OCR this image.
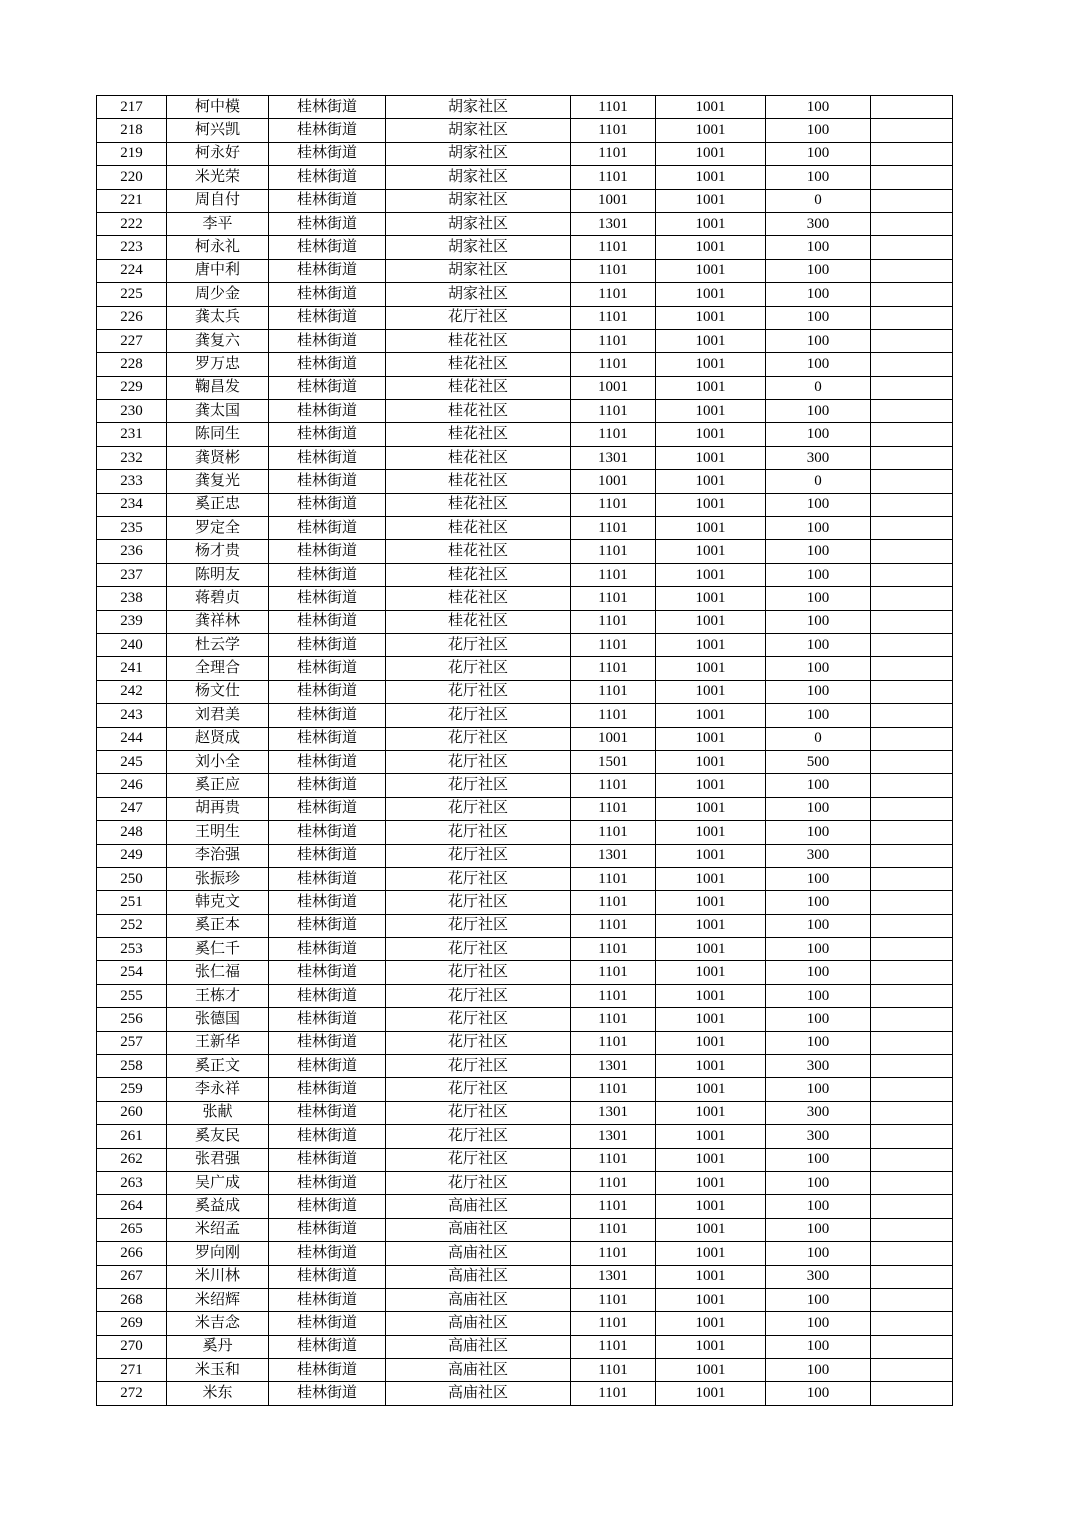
217	柯中模	桂林街道	胡家社区	1101	1001	100	
218	柯兴凯	桂林街道	胡家社区	1101	1001	100	
219	柯永好	桂林街道	胡家社区	1101	1001	100	
220	米光荣	桂林街道	胡家社区	1101	1001	100	
221	周自付	桂林街道	胡家社区	1001	1001	0	
222	李平	桂林街道	胡家社区	1301	1001	300	
223	柯永礼	桂林街道	胡家社区	1101	1001	100	
224	唐中利	桂林街道	胡家社区	1101	1001	100	
225	周少金	桂林街道	胡家社区	1101	1001	100	
226	龚太兵	桂林街道	花厅社区	1101	1001	100	
227	龚复六	桂林街道	桂花社区	1101	1001	100	
228	罗万忠	桂林街道	桂花社区	1101	1001	100	
229	鞠昌发	桂林街道	桂花社区	1001	1001	0	
230	龚太国	桂林街道	桂花社区	1101	1001	100	
231	陈同生	桂林街道	桂花社区	1101	1001	100	
232	龚贤彬	桂林街道	桂花社区	1301	1001	300	
233	龚复光	桂林街道	桂花社区	1001	1001	0	
234	奚正忠	桂林街道	桂花社区	1101	1001	100	
235	罗定全	桂林街道	桂花社区	1101	1001	100	
236	杨才贵	桂林街道	桂花社区	1101	1001	100	
237	陈明友	桂林街道	桂花社区	1101	1001	100	
238	蒋碧贞	桂林街道	桂花社区	1101	1001	100	
239	龚祥林	桂林街道	桂花社区	1101	1001	100	
240	杜云学	桂林街道	花厅社区	1101	1001	100	
241	全理合	桂林街道	花厅社区	1101	1001	100	
242	杨文仕	桂林街道	花厅社区	1101	1001	100	
243	刘君美	桂林街道	花厅社区	1101	1001	100	
244	赵贤成	桂林街道	花厅社区	1001	1001	0	
245	刘小全	桂林街道	花厅社区	1501	1001	500	
246	奚正应	桂林街道	花厅社区	1101	1001	100	
247	胡再贵	桂林街道	花厅社区	1101	1001	100	
248	王明生	桂林街道	花厅社区	1101	1001	100	
249	李治强	桂林街道	花厅社区	1301	1001	300	
250	张振珍	桂林街道	花厅社区	1101	1001	100	
251	韩克文	桂林街道	花厅社区	1101	1001	100	
252	奚正本	桂林街道	花厅社区	1101	1001	100	
253	奚仁千	桂林街道	花厅社区	1101	1001	100	
254	张仁福	桂林街道	花厅社区	1101	1001	100	
255	王栋才	桂林街道	花厅社区	1101	1001	100	
256	张德国	桂林街道	花厅社区	1101	1001	100	
257	王新华	桂林街道	花厅社区	1101	1001	100	
258	奚正文	桂林街道	花厅社区	1301	1001	300	
259	李永祥	桂林街道	花厅社区	1101	1001	100	
260	张献	桂林街道	花厅社区	1301	1001	300	
261	奚友民	桂林街道	花厅社区	1301	1001	300	
262	张君强	桂林街道	花厅社区	1101	1001	100	
263	吴广成	桂林街道	花厅社区	1101	1001	100	
264	奚益成	桂林街道	高庙社区	1101	1001	100	
265	米绍孟	桂林街道	高庙社区	1101	1001	100	
266	罗向刚	桂林街道	高庙社区	1101	1001	100	
267	米川林	桂林街道	高庙社区	1301	1001	300	
268	米绍辉	桂林街道	高庙社区	1101	1001	100	
269	米吉念	桂林街道	高庙社区	1101	1001	100	
270	奚丹	桂林街道	高庙社区	1101	1001	100	
271	米玉和	桂林街道	高庙社区	1101	1001	100	
272	米东	桂林街道	高庙社区	1101	1001	100	
